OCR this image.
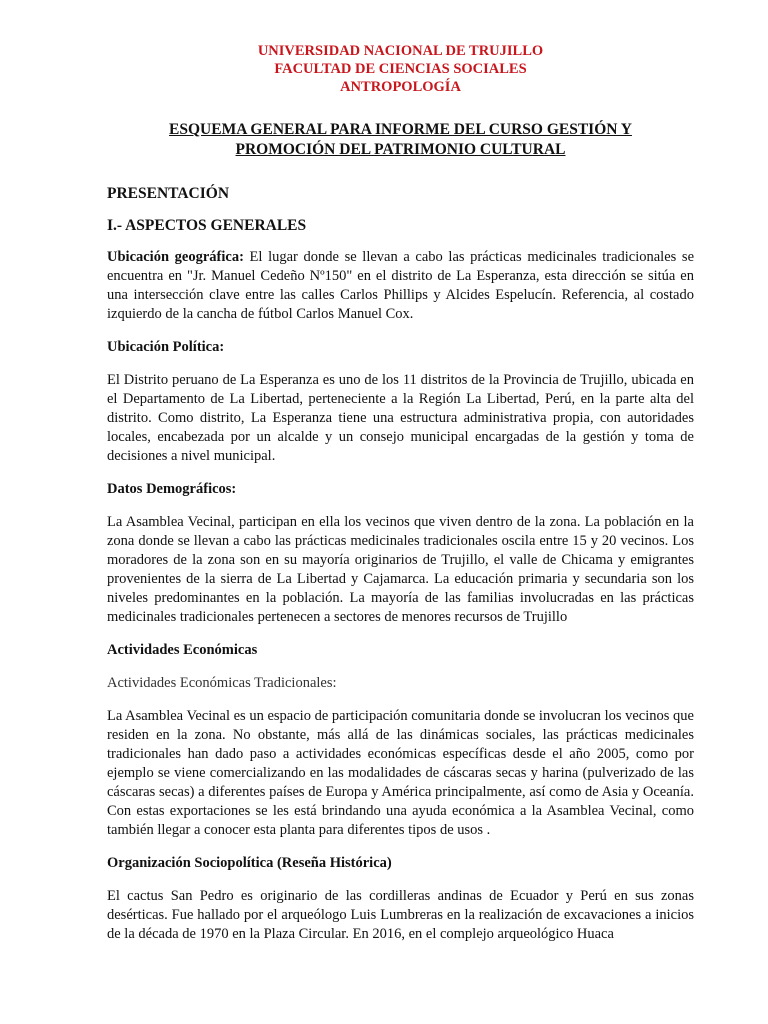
UNIVERSIDAD NACIONAL DE TRUJILLO
FACULTAD DE CIENCIAS SOCIALES
ANTROPOLOGÍA
ESQUEMA GENERAL PARA INFORME DEL CURSO GESTIÓN Y
PROMOCIÓN DEL PATRIMONIO CULTURAL
PRESENTACIÓN
I.- ASPECTOS GENERALES

Ubicación geográfica: El lugar donde se llevan a cabo las prácticas medicinales tradicionales se encuentra en "Jr. Manuel Cedeño Nº150" en el distrito de La Esperanza, esta dirección se sitúa en una intersección clave entre las calles Carlos Phillips y Alcides Espelucín. Referencia, al costado izquierdo de la cancha de fútbol Carlos Manuel Cox.

Ubicación Política:

El Distrito peruano de La Esperanza es uno de los 11 distritos de la Provincia de Trujillo, ubicada en el Departamento de La Libertad, perteneciente a la Región La Libertad, Perú, en la parte alta del distrito. Como distrito, La Esperanza tiene una estructura administrativa propia, con autoridades locales, encabezada por un alcalde y un consejo municipal encargadas de la gestión y toma de decisiones a nivel municipal.

Datos Demográficos:

La Asamblea Vecinal, participan en ella los vecinos que viven dentro de la zona. La población en la zona donde se llevan a cabo las prácticas medicinales tradicionales oscila entre 15 y 20 vecinos. Los moradores de la zona son en su mayoría originarios de Trujillo, el valle de Chicama y emigrantes provenientes de la sierra de La Libertad y Cajamarca. La educación primaria y secundaria son los niveles predominantes en la población. La mayoría de las familias involucradas en las prácticas medicinales tradicionales pertenecen a sectores de menores recursos de Trujillo

Actividades Económicas
Actividades Económicas Tradicionales:

La Asamblea Vecinal es un espacio de participación comunitaria donde se involucran los vecinos que residen en la zona. No obstante, más allá de las dinámicas sociales, las prácticas medicinales tradicionales han dado paso a actividades económicas específicas desde el año 2005, como por ejemplo se viene comercializando en las modalidades de cáscaras secas y harina (pulverizado de las cáscaras secas) a diferentes países de Europa y América principalmente, así como de Asia y Oceanía. Con estas exportaciones se les está brindando una ayuda económica a la Asamblea Vecinal, como también llegar a conocer esta planta para diferentes tipos de usos .

Organización Sociopolítica (Reseña Histórica)

El cactus San Pedro es originario de las cordilleras andinas de Ecuador y Perú en sus zonas desérticas. Fue hallado por el arqueólogo Luis Lumbreras en la realización de excavaciones a inicios de la década de 1970 en la Plaza Circular. En 2016, en el complejo arqueológico Huaca
